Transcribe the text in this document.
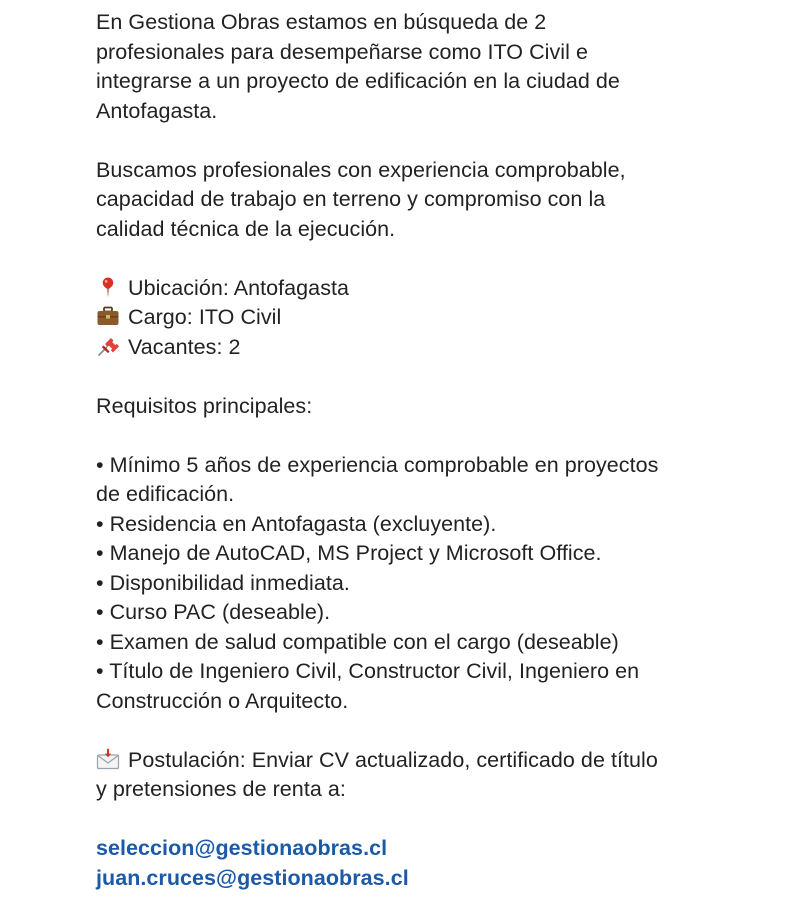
En Gestiona Obras estamos en búsqueda de 2
profesionales para desempeñarse como ITO Civil e
integrarse a un proyecto de edificación en la ciudad de
Antofagasta.

Buscamos profesionales con experiencia comprobable,
capacidad de trabajo en terreno y compromiso con la
calidad técnica de la ejecución.

Ubicación: Antofagasta
Cargo: ITO Civil
Vacantes: 2

Requisitos principales:

• Mínimo 5 años de experiencia comprobable en proyectos
de edificación.
• Residencia en Antofagasta (excluyente).
• Manejo de AutoCAD, MS Project y Microsoft Office.
• Disponibilidad inmediata.
• Curso PAC (deseable).
• Examen de salud compatible con el cargo (deseable)
• Título de Ingeniero Civil, Constructor Civil, Ingeniero en
Construcción o Arquitecto.
Postulación: Enviar CV actualizado, certificado de título
y pretensiones de renta a:
seleccion@gestionaobras.cl
juan.cruces@gestionaobras.cl
